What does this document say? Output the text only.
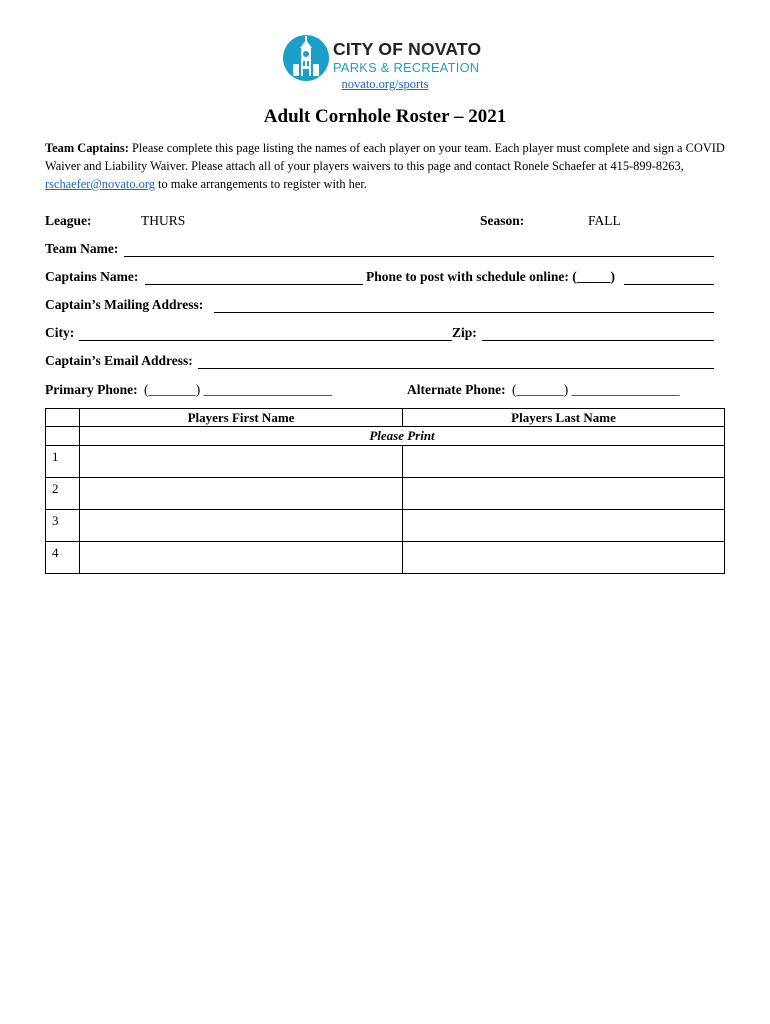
CITY OF NOVATO
PARKS & RECREATION
novato.org/sports
Adult Cornhole Roster – 2021
Team Captains: Please complete this page listing the names of each player on your team. Each player must complete and sign a COVID Waiver and Liability Waiver. Please attach all of your players waivers to this page and contact Ronele Schaefer at 415-899-8263, rschaefer@novato.org to make arrangements to register with her.
League:	THURS	Season:	FALL
Team Name:
Captains Name:	Phone to post with schedule online: (_____)
Captain’s Mailing Address:
City:	Zip:
Captain’s Email Address:
Primary Phone: (_______) ___________________	Alternate Phone: (_______) ________________
	Players First Name	Players Last Name
	Please Print	
1		
2		
3		
4		
